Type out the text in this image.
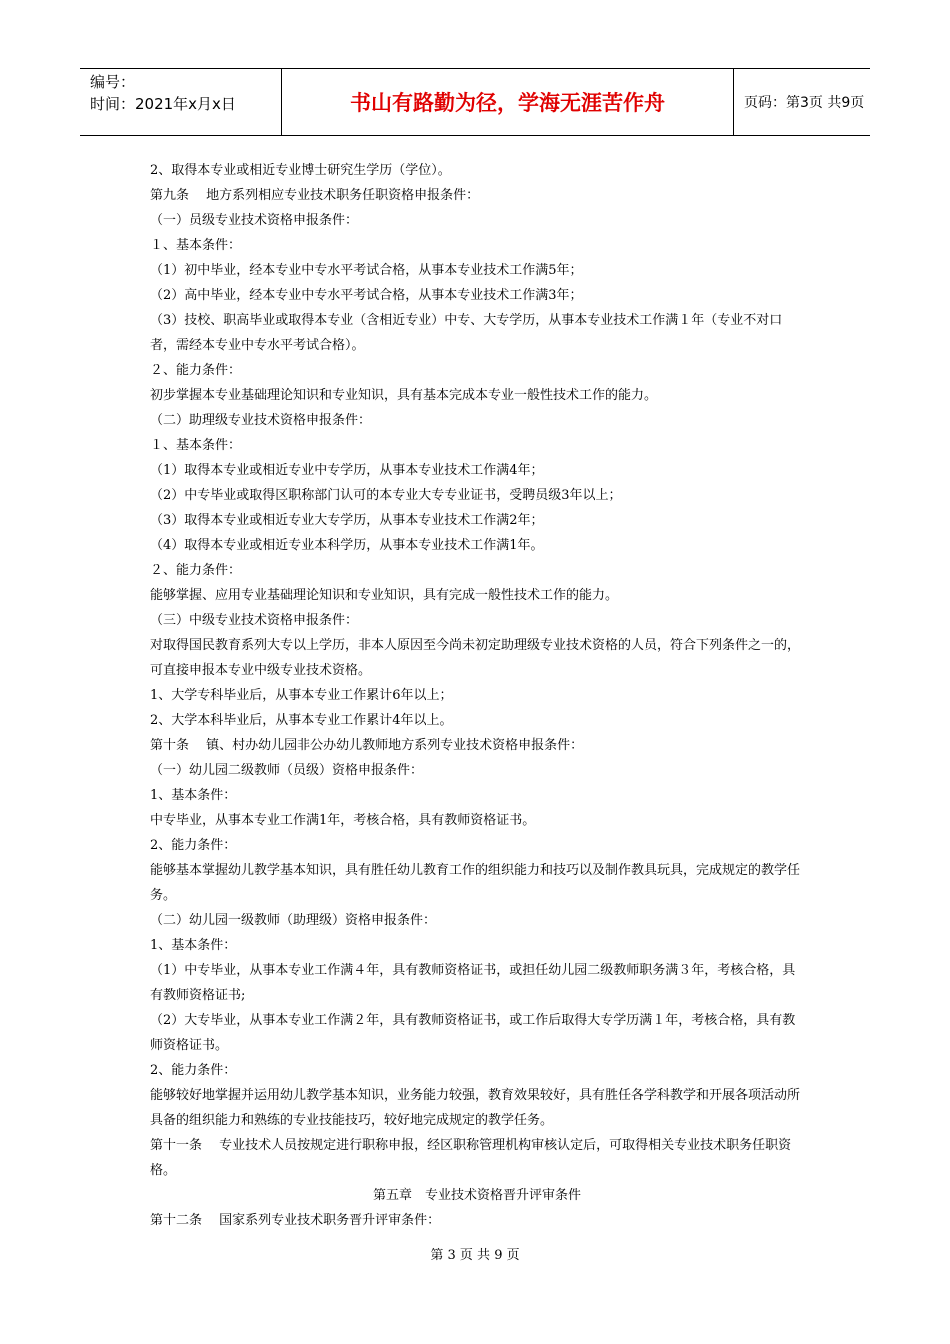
编号：
时间：2021年x月x日	书山有路勤为径，学海无涯苦作舟	页码：第3页 共9页

2、取得本专业或相近专业博士研究生学历（学位）。

第九条　 地方系列相应专业技术职务任职资格申报条件：

（一）员级专业技术资格申报条件：

１、基本条件：

（1）初中毕业，经本专业中专水平考试合格，从事本专业技术工作满5年；

（2）高中毕业，经本专业中专水平考试合格，从事本专业技术工作满3年；

（3）技校、职高毕业或取得本专业（含相近专业）中专、大专学历，从事本专业技术工作满１年（专业不对口者，需经本专业中专水平考试合格）。

２、能力条件：

初步掌握本专业基础理论知识和专业知识，具有基本完成本专业一般性技术工作的能力。

（二）助理级专业技术资格申报条件：

１、基本条件：

（1）取得本专业或相近专业中专学历，从事本专业技术工作满4年；

（2）中专毕业或取得区职称部门认可的本专业大专专业证书，受聘员级3年以上；

（3）取得本专业或相近专业大专学历，从事本专业技术工作满2年；

（4）取得本专业或相近专业本科学历，从事本专业技术工作满1年。

２、能力条件：

能够掌握、应用专业基础理论知识和专业知识，具有完成一般性技术工作的能力。

（三）中级专业技术资格申报条件：

对取得国民教育系列大专以上学历，非本人原因至今尚未初定助理级专业技术资格的人员，符合下列条件之一的，可直接申报本专业中级专业技术资格。

1、大学专科毕业后，从事本专业工作累计6年以上；

2、大学本科毕业后，从事本专业工作累计4年以上。

第十条　 镇、村办幼儿园非公办幼儿教师地方系列专业技术资格申报条件：

（一）幼儿园二级教师（员级）资格申报条件：

1、基本条件：

中专毕业，从事本专业工作满1年，考核合格，具有教师资格证书。

2、能力条件：

能够基本掌握幼儿教学基本知识，具有胜任幼儿教育工作的组织能力和技巧以及制作教具玩具，完成规定的教学任务。

（二）幼儿园一级教师（助理级）资格申报条件：

1、基本条件：

（1）中专毕业，从事本专业工作满４年，具有教师资格证书，或担任幼儿园二级教师职务满３年，考核合格，具有教师资格证书;

（2）大专毕业，从事本专业工作满２年，具有教师资格证书，或工作后取得大专学历满１年，考核合格，具有教师资格证书。

2、能力条件：

能够较好地掌握并运用幼儿教学基本知识，业务能力较强，教育效果较好，具有胜任各学科教学和开展各项活动所具备的组织能力和熟练的专业技能技巧，较好地完成规定的教学任务。

第十一条　 专业技术人员按规定进行职称申报，经区职称管理机构审核认定后，可取得相关专业技术职务任职资格。

第五章　专业技术资格晋升评审条件

第十二条　 国家系列专业技术职务晋升评审条件：

第 3 页 共 9 页
